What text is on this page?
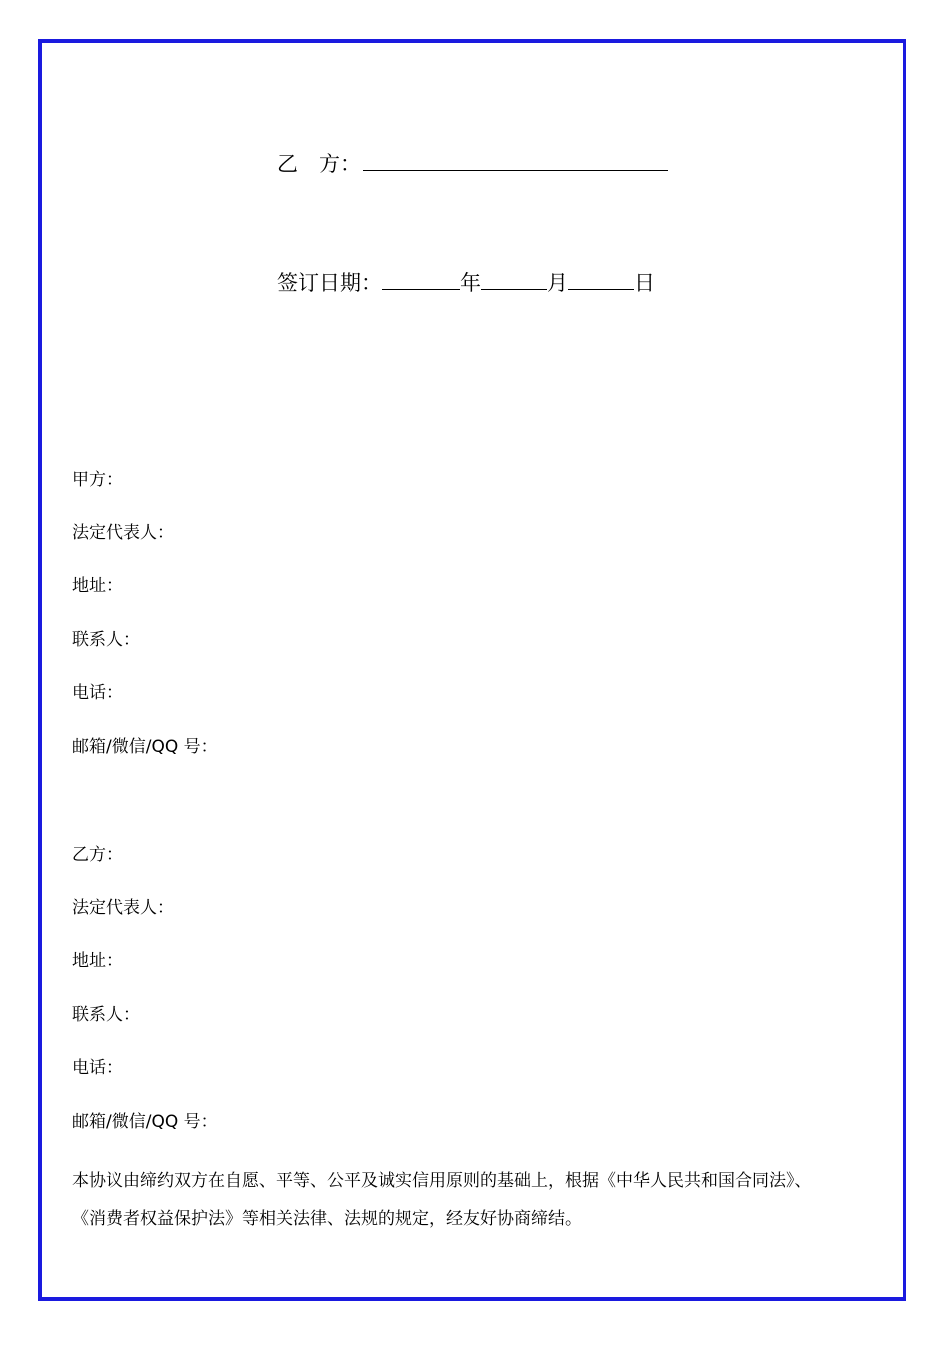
乙　方：
签订日期：	年	月	日
甲方：
法定代表人：
地址：
联系人：
电话：
邮箱/微信/QQ 号：
乙方：
法定代表人：
地址：
联系人：
电话：
邮箱/微信/QQ 号：

本协议由缔约双方在自愿、平等、公平及诚实信用原则的基础上，根据《中华人民共和国合同法》、

《消费者权益保护法》等相关法律、法规的规定，经友好协商缔结。
